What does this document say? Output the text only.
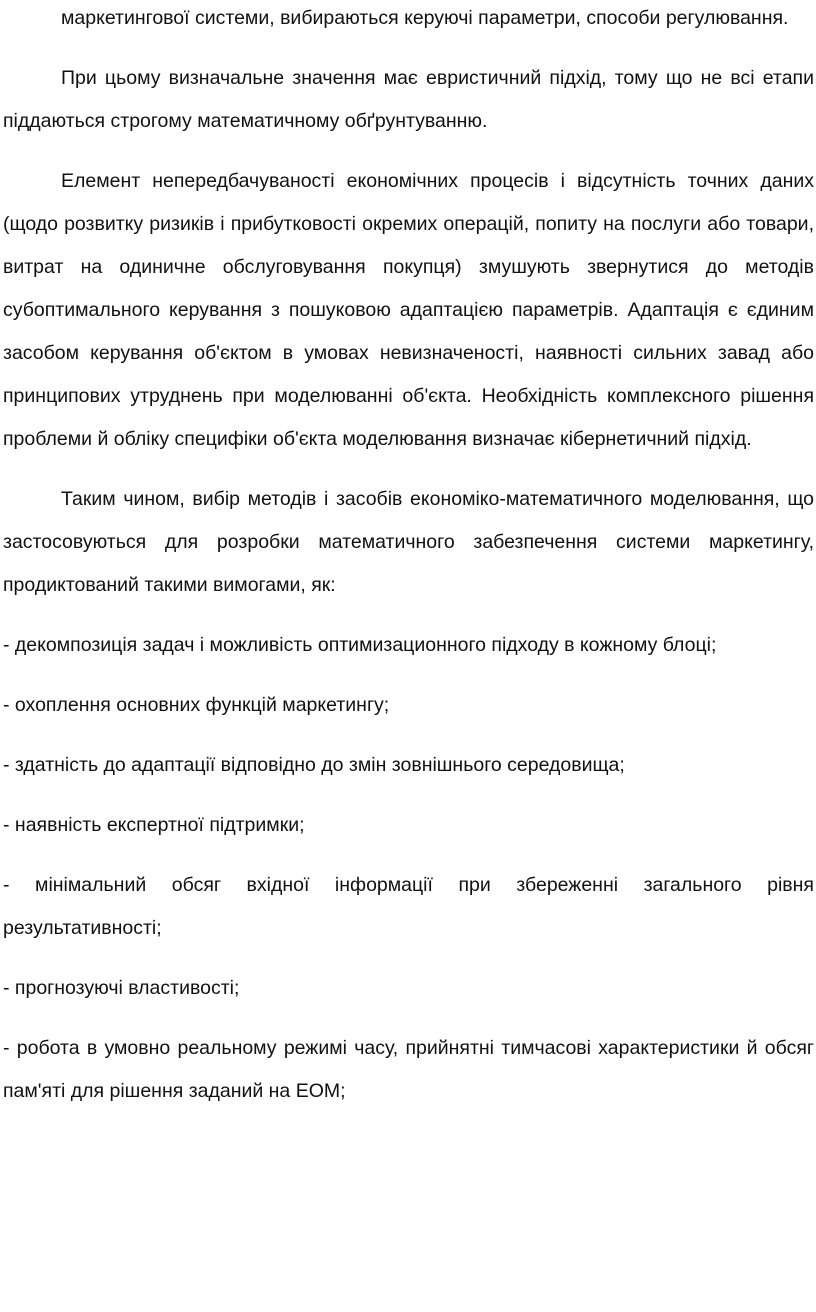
маркетингової системи, вибираються керуючі параметри, способи регулювання.

При цьому визначальне значення має евристичний підхід, тому що не всі етапи піддаються строгому математичному обґрунтуванню.

Елемент непередбачуваності економічних процесів і відсутність точних даних (щодо розвитку ризиків і прибутковості окремих операцій, попиту на послуги або товари, витрат на одиничне обслуговування покупця) змушують звернутися до методів субоптимального керування з пошуковою адаптацією параметрів. Адаптація є єдиним засобом керування об'єктом в умовах невизначеності, наявності сильних завад або принципових утруднень при моделюванні об'єкта. Необхідність комплексного рішення проблеми й обліку специфіки об'єкта моделювання визначає кібернетичний підхід.

Таким чином, вибір методів і засобів економіко-математичного моделювання, що застосовуються для розробки математичного забезпечення системи маркетингу, продиктований такими вимогами, як:

- декомпозиція задач і можливість оптимизационного підходу в кожному блоці;

- охоплення основних функцій маркетингу;

- здатність до адаптації відповідно до змін зовнішнього середовища;

- наявність експертної підтримки;

- мінімальний обсяг вхідної інформації при збереженні загального рівня результативності;

- прогнозуючі властивості;

- робота в умовно реальному режимі часу, прийнятні тимчасові характеристики й обсяг пам'яті для рішення заданий на ЕОМ;
